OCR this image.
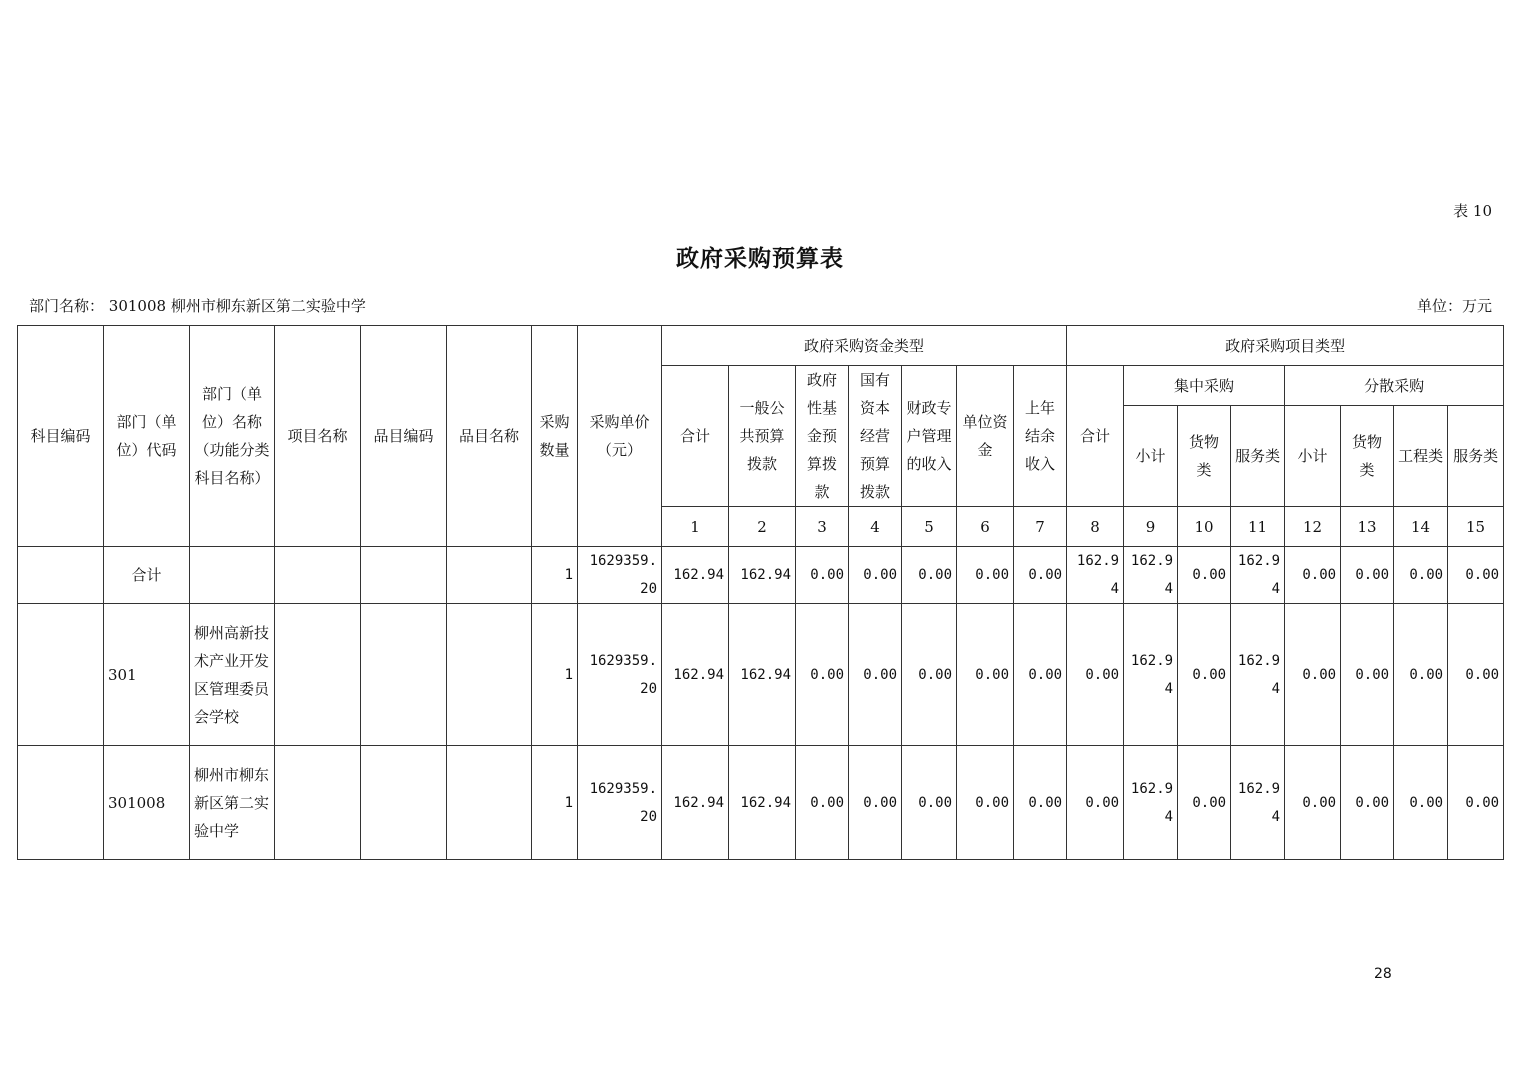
表 10
政府采购预算表
部门名称： 301008 柳州市柳东新区第二实验中学	单位：万元
科目编码	部门（单位）代码	部门（单位）名称（功能分类科目名称）	项目名称	品目编码	品目名称	采购数量	采购单价（元）	政府采购资金类型							政府采购项目类型							
								合计	一般公共预算拨款	政府性基金预算拨款	国有资本经营预算拨款	财政专户管理的收入	单位资金	上年结余收入	合计	集中采购			分散采购			
																小计	货物类	服务类	小计	货物类	工程类	服务类
								1	2	3	4	5	6	7	8	9	10	11	12	13	14	15
	合计					1	1629359.20	162.94	162.94	0.00	0.00	0.00	0.00	0.00	162.94	162.94	0.00	162.94	0.00	0.00	0.00	0.00
	301	柳州高新技术产业开发区管理委员会学校				1	1629359.20	162.94	162.94	0.00	0.00	0.00	0.00	0.00	0.00	162.94	0.00	162.94	0.00	0.00	0.00	0.00
	301008	柳州市柳东新区第二实验中学				1	1629359.20	162.94	162.94	0.00	0.00	0.00	0.00	0.00	0.00	162.94	0.00	162.94	0.00	0.00	0.00	0.00
28
